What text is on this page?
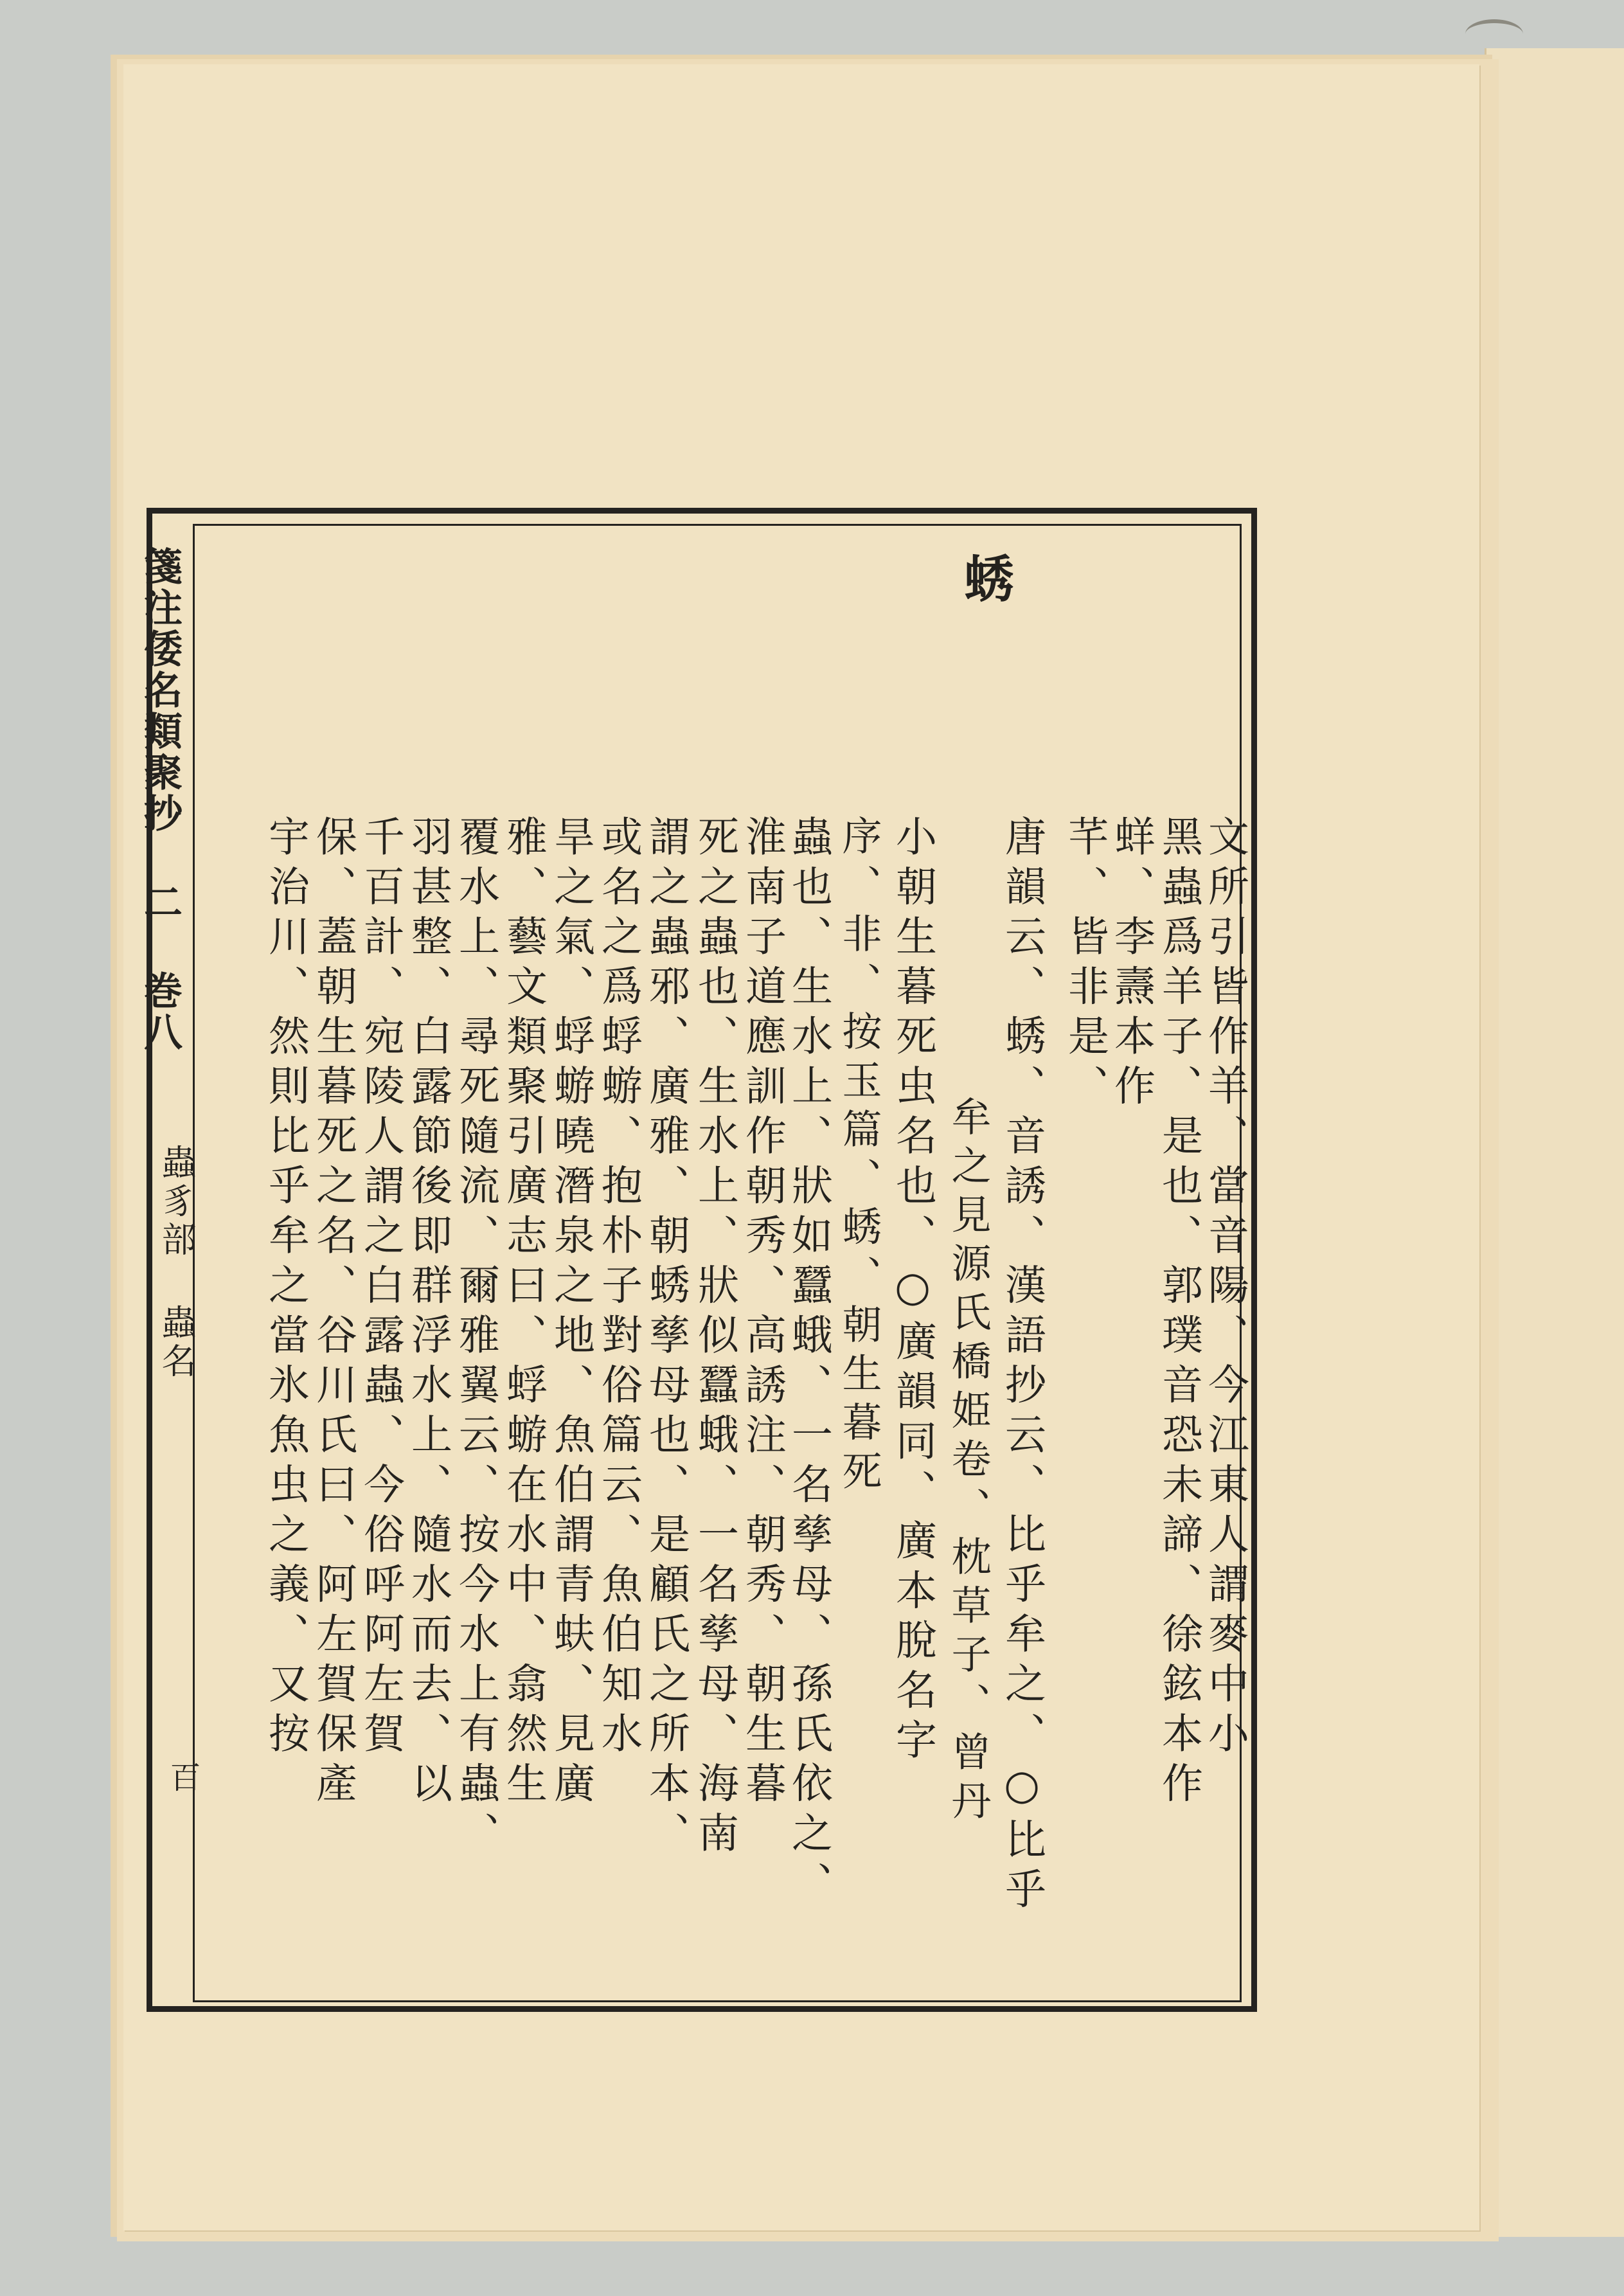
箋注倭名類聚抄 二 巻八
蟲豸部 蟲名
百
蜏
文所引皆作羊、當音陽、今江東人謂麥中小
黑蟲爲羊子、是也、郭璞音恐未諦、徐鉉本作
蛘、李燾本作
芊、皆非是、
唐韻云、蜏、音誘、漢語抄云、比乎牟之、○比乎
牟之見源氏橋姫卷、枕草子、曾丹
小朝生暮死虫名也、○廣韻同、廣本脫名字
序、非、按玉篇、蜏、朝生暮死
蟲也、生水上、狀如蠶蛾、一名孳母、孫氏依之、
淮南子道應訓作朝秀、高誘注、朝秀、朝生暮
死之蟲也、生水上、狀似蠶蛾、一名孳母、海南
謂之蟲邪、廣雅、朝蜏孳母也、是顧氏之所本、
或名之爲蜉蝣、抱朴子對俗篇云、魚伯知水
旱之氣、蜉蝣曉潛泉之地、魚伯謂青蚨、見廣
雅、藝文類聚引廣志曰、蜉蝣在水中、翕然生
覆水上、尋死隨流、爾雅翼云、按今水上有蟲、
羽甚整、白露節後即群浮水上、隨水而去、以
千百計、宛陵人謂之白露蟲、今俗呼阿左賀
保、蓋朝生暮死之名、谷川氏曰、阿左賀保產
宇治川、然則比乎牟之當氷魚虫之義、又按
